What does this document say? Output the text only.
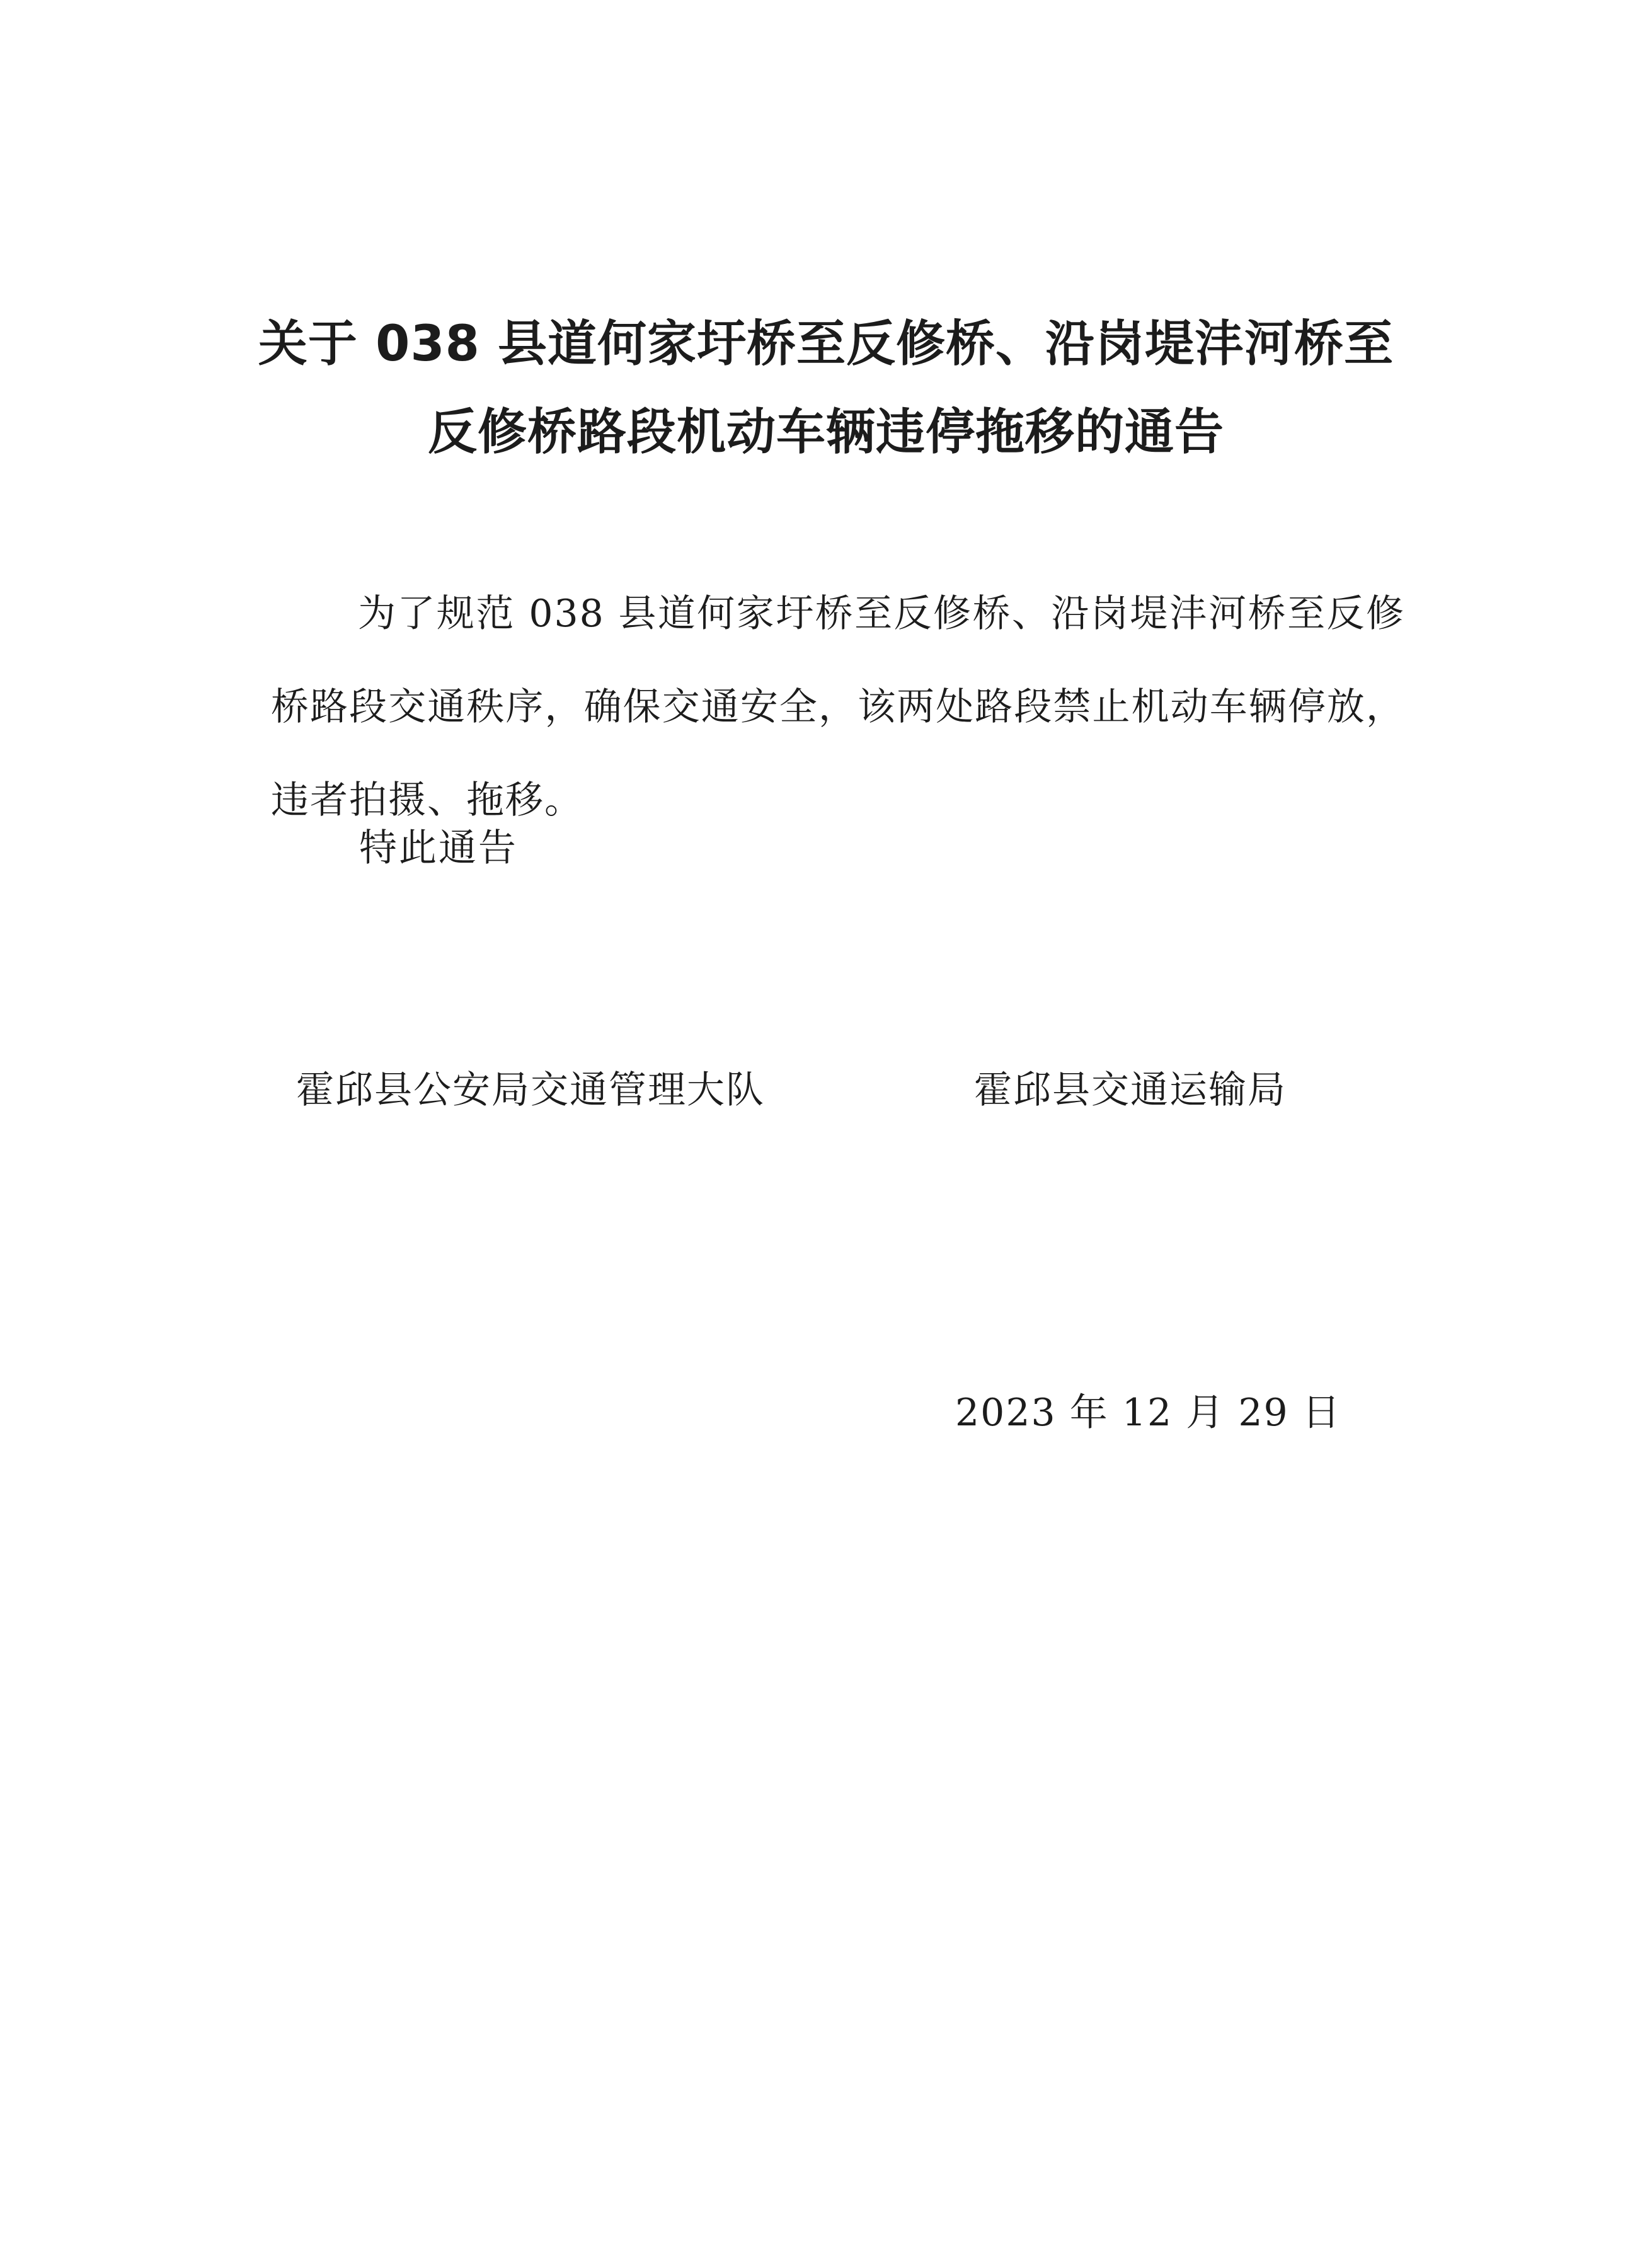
关于 038 县道何家圩桥至反修桥、沿岗堤沣河桥至
反修桥路段机动车辆违停拖移的通告
为了规范 038 县道何家圩桥至反修桥、沿岗堤沣河桥至反修桥路段交通秩序，确保交通安全，该两处路段禁止机动车辆停放，违者拍摄、拖移。
特此通告
霍邱县公安局交通管理大队	霍邱县交通运输局
2023 年 12 月 29 日
